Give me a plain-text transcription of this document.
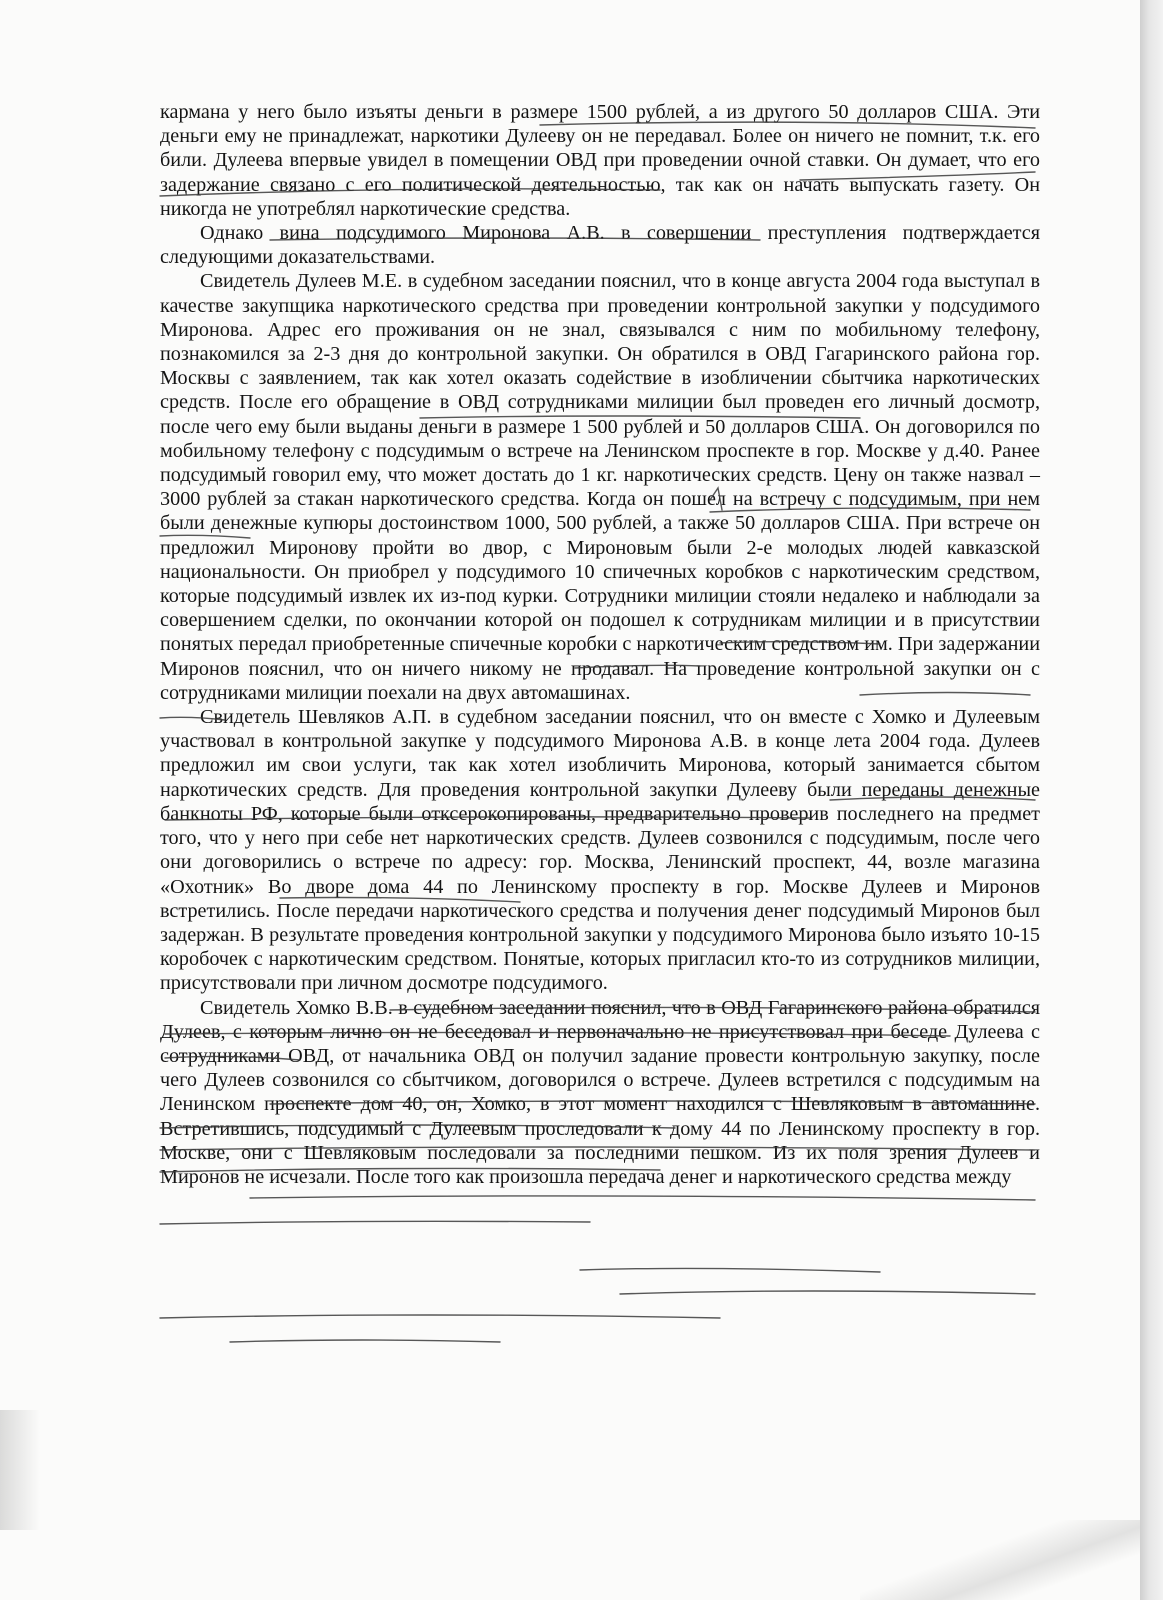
кармана у него было изъяты деньги в размере 1500 рублей, а из другого 50 долларов США. Эти деньги ему не принадлежат, наркотики Дулееву он не передавал. Более он ничего не помнит, т.к. его били. Дулеева впервые увидел в помещении ОВД при проведении очной ставки. Он думает, что его задержание связано с его политической деятельностью, так как он начать выпускать газету. Он никогда не употреблял наркотические средства.

Однако вина подсудимого Миронова А.В. в совершении преступления подтверждается следующими доказательствами.

Свидетель Дулеев М.Е. в судебном заседании пояснил, что в конце августа 2004 года выступал в качестве закупщика наркотического средства при проведении контрольной закупки у подсудимого Миронова. Адрес его проживания он не знал, связывался с ним по мобильному телефону, познакомился за 2-3 дня до контрольной закупки. Он обратился в ОВД Гагаринского района гор. Москвы с заявлением, так как хотел оказать содействие в изобличении сбытчика наркотических средств. После его обращение в ОВД сотрудниками милиции был проведен его личный досмотр, после чего ему были выданы деньги в размере 1 500 рублей и 50 долларов США. Он договорился по мобильному телефону с подсудимым о встрече на Ленинском проспекте в гор. Москве у д.40. Ранее подсудимый говорил ему, что может достать до 1 кг. наркотических средств. Цену он также назвал – 3000 рублей за стакан наркотического средства. Когда он пошел на встречу с подсудимым, при нем были денежные купюры достоинством 1000, 500 рублей, а также 50 долларов США. При встрече он предложил Миронову пройти во двор, с Мироновым были 2-е молодых людей кавказской национальности. Он приобрел у подсудимого 10 спичечных коробков с наркотическим средством, которые подсудимый извлек их из-под курки. Сотрудники милиции стояли недалеко и наблюдали за совершением сделки, по окончании которой он подошел к сотрудникам милиции и в присутствии понятых передал приобретенные спичечные коробки с наркотическим средством им. При задержании Миронов пояснил, что он ничего никому не продавал. На проведение контрольной закупки он с сотрудниками милиции поехали на двух автомашинах.

Свидетель Шевляков А.П. в судебном заседании пояснил, что он вместе с Хомко и Дулеевым участвовал в контрольной закупке у подсудимого Миронова А.В. в конце лета 2004 года. Дулеев предложил им свои услуги, так как хотел изобличить Миронова, который занимается сбытом наркотических средств. Для проведения контрольной закупки Дулееву были переданы денежные банкноты РФ, которые были отксерокопированы, предварительно проверив последнего на предмет того, что у него при себе нет наркотических средств. Дулеев созвонился с подсудимым, после чего они договорились о встрече по адресу: гор. Москва, Ленинский проспект, 44, возле магазина «Охотник» Во дворе дома 44 по Ленинскому проспекту в гор. Москве Дулеев и Миронов встретились. После передачи наркотического средства и получения денег подсудимый Миронов был задержан. В результате проведения контрольной закупки у подсудимого Миронова было изъято 10-15 коробочек с наркотическим средством. Понятые, которых пригласил кто-то из сотрудников милиции, присутствовали при личном досмотре подсудимого.

Свидетель Хомко В.В. в судебном заседании пояснил, что в ОВД Гагаринского района обратился Дулеев, с которым лично он не беседовал и первоначально не присутствовал при беседе Дулеева с сотрудниками ОВД, от начальника ОВД он получил задание провести контрольную закупку, после чего Дулеев созвонился со сбытчиком, договорился о встрече. Дулеев встретился с подсудимым на Ленинском проспекте дом 40, он, Хомко, в этот момент находился с Шевляковым в автомашине. Встретившись, подсудимый с Дулеевым проследовали к дому 44 по Ленинскому проспекту в гор. Москве, они с Шевляковым последовали за последними пешком. Из их поля зрения Дулеев и Миронов не исчезали. После того как произошла передача денег и наркотического средства между
